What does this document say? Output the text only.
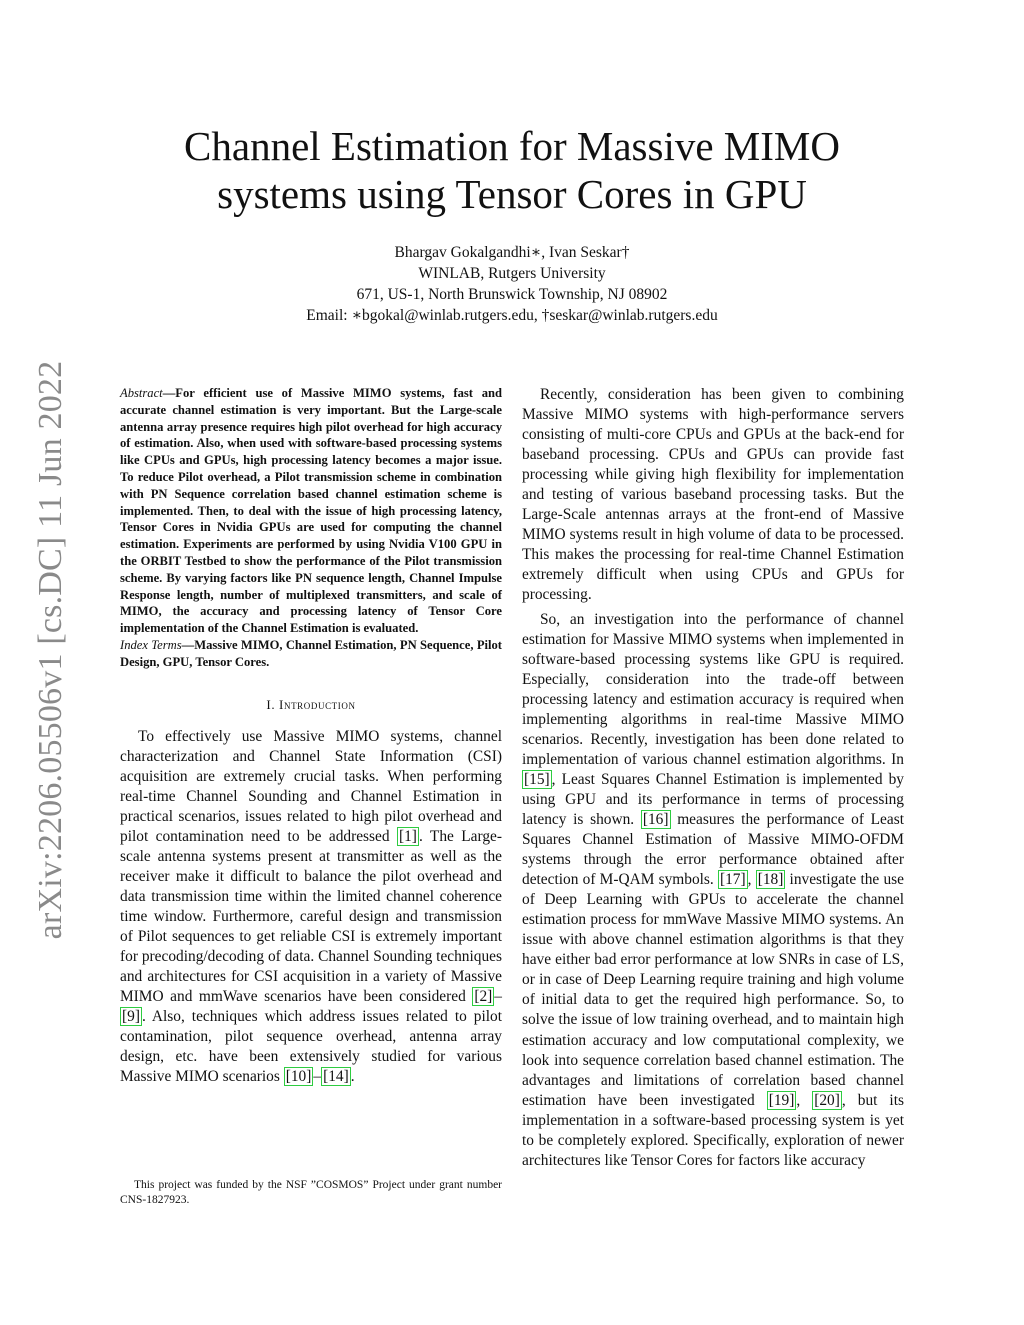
arXiv:2206.05506v1 [cs.DC] 11 Jun 2022
Channel Estimation for Massive MIMO
systems using Tensor Cores in GPU
Bhargav Gokalgandhi∗, Ivan Seskar†
WINLAB, Rutgers University
671, US-1, North Brunswick Township, NJ 08902
Email: ∗bgokal@winlab.rutgers.edu, †seskar@winlab.rutgers.edu

Abstract—For efficient use of Massive MIMO systems, fast and accurate channel estimation is very important. But the Large-scale antenna array presence requires high pilot overhead for high accuracy of estimation. Also, when used with software-based processing systems like CPUs and GPUs, high processing latency becomes a major issue. To reduce Pilot overhead, a Pilot transmission scheme in combination with PN Sequence correlation based channel estimation scheme is implemented. Then, to deal with the issue of high processing latency, Tensor Cores in Nvidia GPUs are used for computing the channel estimation. Experiments are performed by using Nvidia V100 GPU in the ORBIT Testbed to show the performance of the Pilot transmission scheme. By varying factors like PN sequence length, Channel Impulse Response length, number of multiplexed transmitters, and scale of MIMO, the accuracy and processing latency of Tensor Core implementation of the Channel Estimation is evaluated.

Index Terms—Massive MIMO, Channel Estimation, PN Sequence, Pilot Design, GPU, Tensor Cores.

I. Introduction

To effectively use Massive MIMO systems, channel characterization and Channel State Information (CSI) acquisition are extremely crucial tasks. When performing real-time Channel Sounding and Channel Estimation in practical scenarios, issues related to high pilot overhead and pilot contamination need to be addressed [1] . The Large-scale antenna systems present at transmitter as well as the receiver make it difficult to balance the pilot overhead and data transmission time within the limited channel coherence time window. Furthermore, careful design and transmission of Pilot sequences to get reliable CSI is extremely important for precoding/decoding of data. Channel Sounding techniques and architectures for CSI acquisition in a variety of Massive MIMO and mmWave scenarios have been considered [2] –[9] . Also, techniques which address issues related to pilot contamination, pilot sequence overhead, antenna array design, etc. have been extensively studied for various Massive MIMO scenarios [10] – [14] .

This project was funded by the NSF ”COSMOS” Project under grant number CNS-1827923.

Recently, consideration has been given to combining Massive MIMO systems with high-performance servers consisting of multi-core CPUs and GPUs at the back-end for baseband processing. CPUs and GPUs can provide fast processing while giving high flexibility for implementation and testing of various baseband processing tasks. But the Large-Scale antennas arrays at the front-end of Massive MIMO systems result in high volume of data to be processed. This makes the processing for real-time Channel Estimation extremely difficult when using CPUs and GPUs for processing.

So, an investigation into the performance of channel estimation for Massive MIMO systems when implemented in software-based processing systems like GPU is required. Especially, consideration into the trade-off between processing latency and estimation accuracy is required when implementing algorithms in real-time Massive MIMO scenarios. Recently, investigation has been done related to implementation of various channel estimation algorithms. In [15] , Least Squares Channel Estimation is implemented by using GPU and its performance in terms of processing latency is shown. [16] measures the performance of Least Squares Channel Estimation of Massive MIMO-OFDM systems through the error performance obtained after detection of M-QAM symbols. [17] , [18] investigate the use of Deep Learning with GPUs to accelerate the channel estimation process for mmWave Massive MIMO systems. An issue with above channel estimation algorithms is that they have either bad error performance at low SNRs in case of LS, or in case of Deep Learning require training and high volume of initial data to get the required high performance. So, to solve the issue of low training overhead, and to maintain high estimation accuracy and low computational complexity, we look into sequence correlation based channel estimation. The advantages and limitations of correlation based channel estimation have been investigated [19] , [20] , but its implementation in a software-based processing system is yet to be completely explored. Specifically, exploration of newer architectures like Tensor Cores for factors like accuracy
